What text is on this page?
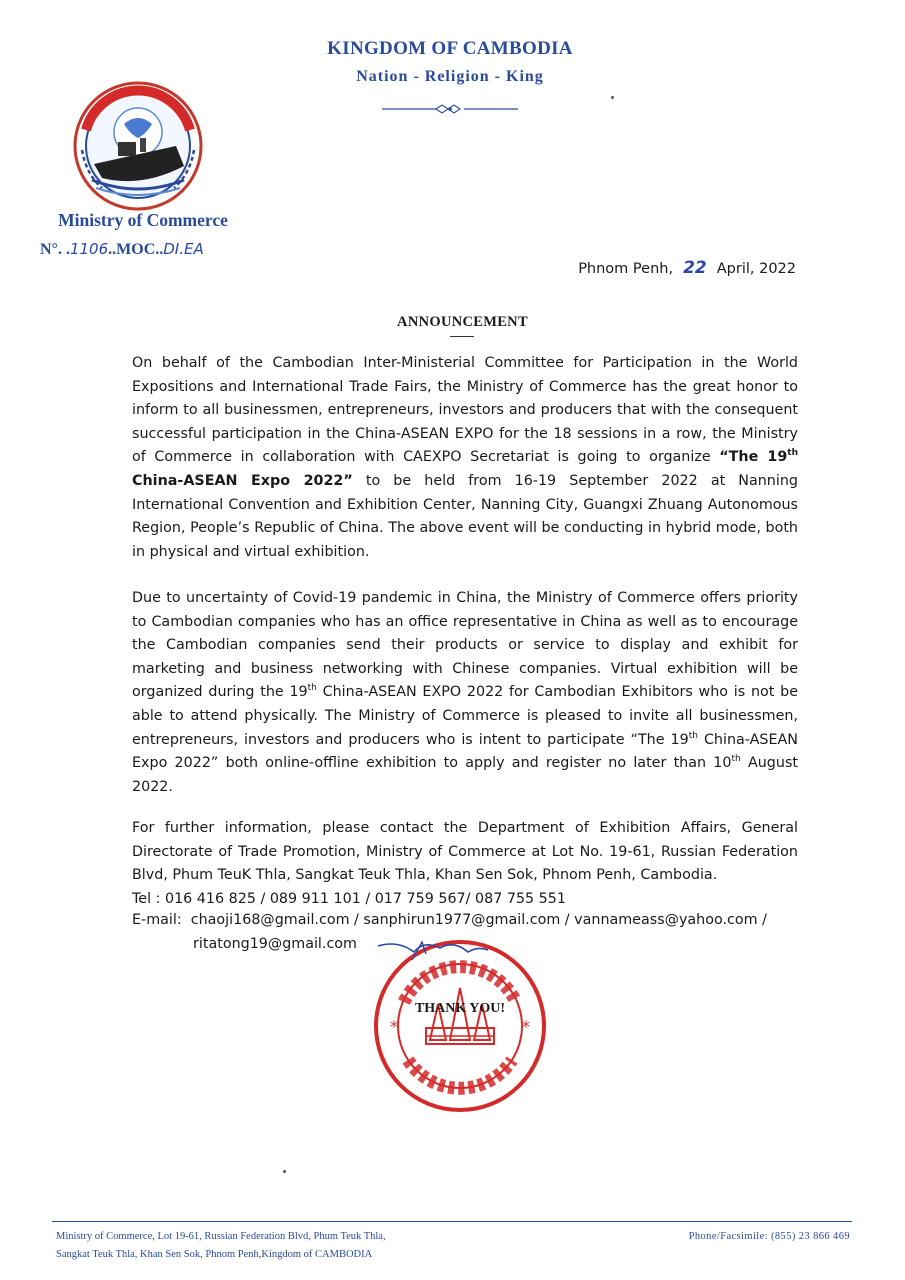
KINGDOM OF CAMBODIA
Nation - Religion - King
Ministry of Commerce
N°. .1106..MOC..DI.EA
Phnom Penh, 22 April, 2022
ANNOUNCEMENT
On behalf of the Cambodian Inter-Ministerial Committee for Participation in the World Expositions and International Trade Fairs, the Ministry of Commerce has the great honor to inform to all businessmen, entrepreneurs, investors and producers that with the consequent successful participation in the China-ASEAN EXPO for the 18 sessions in a row, the Ministry of Commerce in collaboration with CAEXPO Secretariat is going to organize “The 19th China-ASEAN Expo 2022” to be held from 16-19 September 2022 at Nanning International Convention and Exhibition Center, Nanning City, Guangxi Zhuang Autonomous Region, People’s Republic of China. The above event will be conducting in hybrid mode, both in physical and virtual exhibition.
Due to uncertainty of Covid-19 pandemic in China, the Ministry of Commerce offers priority to Cambodian companies who has an office representative in China as well as to encourage the Cambodian companies send their products or service to display and exhibit for marketing and business networking with Chinese companies. Virtual exhibition will be organized during the 19th China-ASEAN EXPO 2022 for Cambodian Exhibitors who is not be able to attend physically. The Ministry of Commerce is pleased to invite all businessmen, entrepreneurs, investors and producers who is intent to participate “The 19th China-ASEAN Expo 2022” both online-offline exhibition to apply and register no later than 10th August 2022.
For further information, please contact the Department of Exhibition Affairs, General Directorate of Trade Promotion, Ministry of Commerce at Lot No. 19-61, Russian Federation Blvd, Phum TeuK Thla, Sangkat Teuk Thla, Khan Sen Sok, Phnom Penh, Cambodia.
Tel : 016 416 825 / 089 911 101 / 017 759 567/ 087 755 551
E-mail: chaoji168@gmail.com / sanphirun1977@gmail.com / vannameass@yahoo.com /
ritatong19@gmail.com
*	*
THANK YOU!
Ministry of Commerce, Lot 19-61, Russian Federation Blvd, Phum Teuk Thla,
Sangkat Teuk Thla, Khan Sen Sok, Phnom Penh,Kingdom of CAMBODIA
Phone/Facsimile: (855) 23 866 469
